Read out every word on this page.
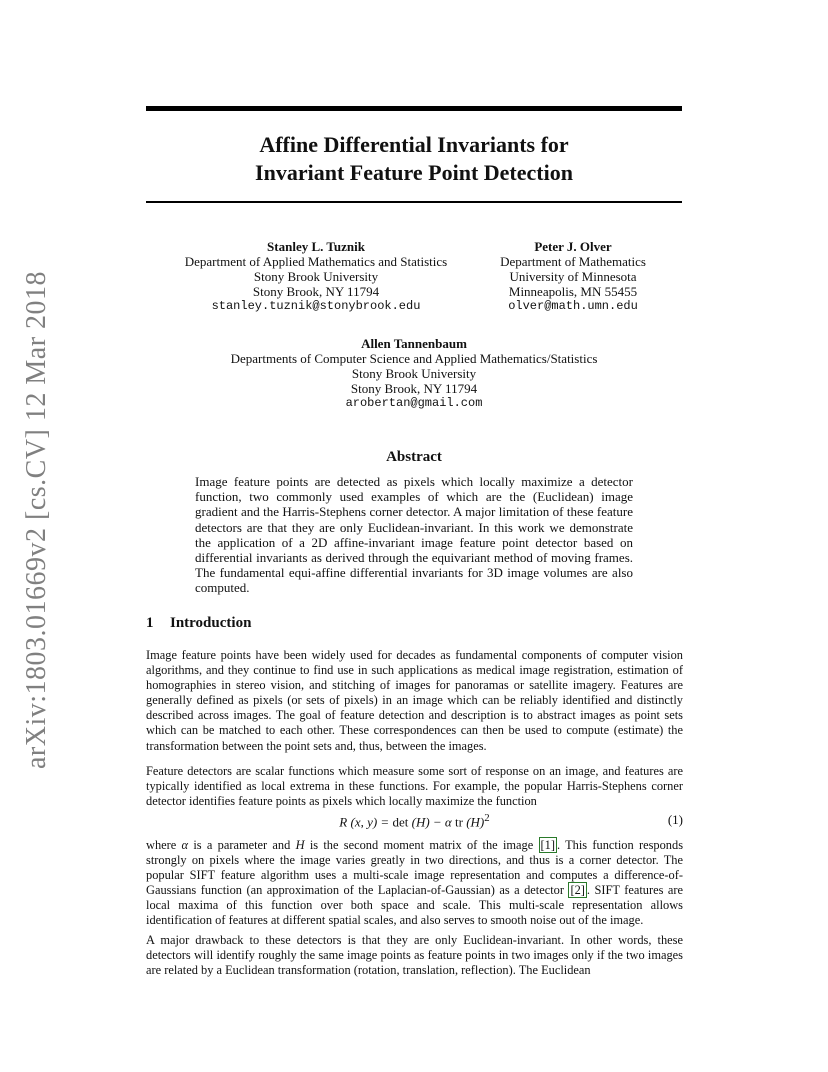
arXiv:1803.01669v2 [cs.CV] 12 Mar 2018
Affine Differential Invariants for
Invariant Feature Point Detection
Stanley L. Tuznik
Department of Applied Mathematics and Statistics
Stony Brook University
Stony Brook, NY 11794
stanley.tuznik@stonybrook.edu
Peter J. Olver
Department of Mathematics
University of Minnesota
Minneapolis, MN 55455
olver@math.umn.edu
Allen Tannenbaum
Departments of Computer Science and Applied Mathematics/Statistics
Stony Brook University
Stony Brook, NY 11794
arobertan@gmail.com
Abstract
Image feature points are detected as pixels which locally maximize a detector function, two commonly used examples of which are the (Euclidean) image gradient and the Harris-Stephens corner detector. A major limitation of these feature detectors are that they are only Euclidean-invariant. In this work we demonstrate the application of a 2D affine-invariant image feature point detector based on differential invariants as derived through the equivariant method of moving frames. The fundamental equi-affine differential invariants for 3D image volumes are also computed.
1 Introduction
Image feature points have been widely used for decades as fundamental components of computer vision algorithms, and they continue to find use in such applications as medical image registration, estimation of homographies in stereo vision, and stitching of images for panoramas or satellite imagery. Features are generally defined as pixels (or sets of pixels) in an image which can be reliably identified and distinctly described across images. The goal of feature detection and description is to abstract images as point sets which can be matched to each other. These correspondences can then be used to compute (estimate) the transformation between the point sets and, thus, between the images.
Feature detectors are scalar functions which measure some sort of response on an image, and features are typically identified as local extrema in these functions. For example, the popular Harris-Stephens corner detector identifies feature points as pixels which locally maximize the function
R (x, y) = det (H) − α tr $(H)^2$	(1)
where α is a parameter and H is the second moment matrix of the image [1] . This function responds strongly on pixels where the image varies greatly in two directions, and thus is a corner detector. The popular SIFT feature algorithm uses a multi-scale image representation and computes a difference-of-Gaussians function (an approximation of the Laplacian-of-Gaussian) as a detector [2] . SIFT features are local maxima of this function over both space and scale. This multi-scale representation allows identification of features at different spatial scales, and also serves to smooth noise out of the image.
A major drawback to these detectors is that they are only Euclidean-invariant. In other words, these detectors will identify roughly the same image points as feature points in two images only if the two images are related by a Euclidean transformation (rotation, translation, reflection). The Euclidean
